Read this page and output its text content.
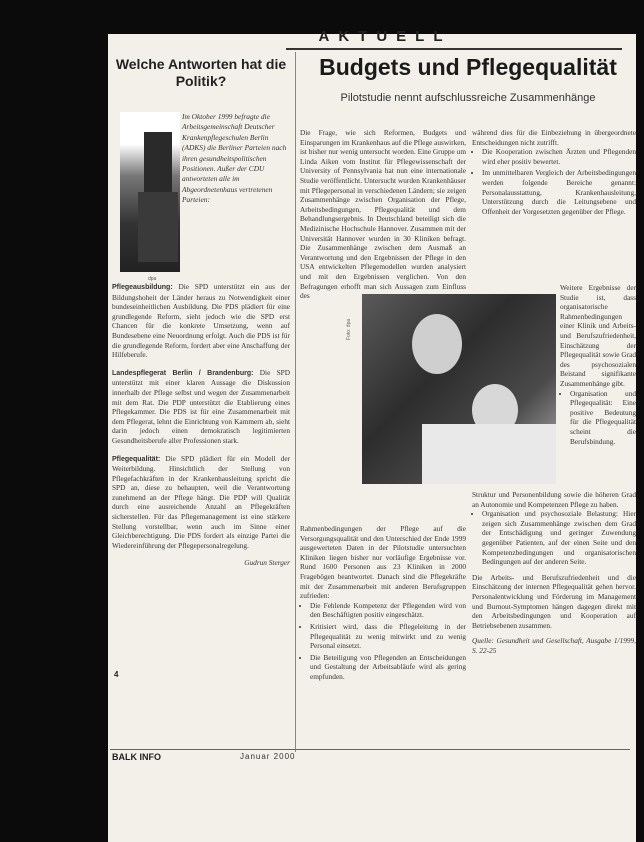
AKTUELL
Welche Antworten hat die Politik?
dpa
Im Oktober 1999 befragte die Arbeitsgemeinschaft Deutscher Krankenpflegeschulen Berlin (ADKS) die Berliner Parteien nach ihren gesundheitspolitischen Positionen. Außer der CDU antworteten alle im Abgeordnetenhaus vertretenen Parteien:

Pflegeausbildung: Die SPD unterstützt ein aus der Bildungshoheit der Länder heraus zu Notwendigkeit einer bundeseinheitlichen Ausbildung. Die PDS plädiert für eine grundlegende Reform, sieht jedoch wie die SPD erst Chancen für die konkrete Umsetzung, wenn auf Bundesebene eine Neuordnung erfolgt. Auch die PDS ist für die grundlegende Reform, fordert aber eine Anschaffung der Hilfeberufe.

Landespflegerat Berlin / Brandenburg: Die SPD unterstützt mit einer klaren Aussage die Diskussion innerhalb der Pflege selbst und wegen der Zusammenarbeit mit dem Rat. Die PDP unterstützt die Etablierung eines Pflegekammer. Die PDS ist für eine Zusammenarbeit mit dem Pflegerat, lehnt die Einrichtung von Kammern ab, sieht darin jedoch einen demokratisch legitimierten Gesundheitsberufe aller Professionen stark.

Pflegequalität: Die SPD plädiert für ein Modell der Weiterbildung. Hinsichtlich der Stellung von Pflegefachkräften in der Krankenhausleitung spricht die SPD an, diese zu behaupten, weil die Verantwortung zunehmend an der Pflege hängt. Die PDP will Qualität durch eine ausreichende Anzahl an Pflegekräften sicherstellen. Für das Pflegemanagement ist eine stärkere Stellung vorstellbar, wenn auch im Sinne einer Gleichberechtigung. Die PDS fordert als einzige Partei die Wiedereinführung der Pflegepersonalregelung.

Gudrun Sterger

Budgets und Pflegequalität
Pilotstudie nennt aufschlussreiche Zusammenhänge

Die Frage, wie sich Reformen, Budgets und Einsparungen im Krankenhaus auf die Pflege auswirken, ist bisher nur wenig untersucht worden. Eine Gruppe um Linda Aiken vom Institut für Pflegewissenschaft der University of Pennsylvania hat nun eine internationale Studie veröffentlicht. Untersucht wurden Krankenhäuser mit Pflegepersonal in verschiedenen Ländern; sie zeigen Zusammenhänge zwischen Organisation der Pflege, Arbeitsbedingungen, Pflegequalität und dem Behandlungsergebnis. In Deutschland beteiligt sich die Medizinische Hochschule Hannover. Zusammen mit der Universität Hannover wurden in 30 Kliniken befragt. Die Zusammenhänge zwischen dem Ausmaß an Verantwortung und den Ergebnissen der Pflege in den USA entwickelten Pflegemodellen wurden analysiert und mit den Ergebnissen verglichen. Von den Befragungen erhofft man sich Aussagen zum Einfluss des

Foto: dpa

Rahmenbedingungen der Pflege auf die Versorgungsqualität und den Unterschied der Ende 1999 ausgewerteten Daten in der Pilotstudie untersuchten Kliniken liegen bisher nur vorläufige Ergebnisse vor. Rund 1600 Personen aus 23 Kliniken in 2000 Fragebögen beantwortet. Danach sind die Pflegekräfte mit der Zusammenarbeit mit anderen Berufsgruppen zufrieden:

• Die Fehlende Kompetenz der Pflegenden wird von den Beschäftigten positiv eingeschätzt.
• Kritisiert wird, dass die Pflegeleitung in der Pflegequalität zu wenig mitwirkt und zu wenig Personal einsetzt.
• Die Beteiligung von Pflegenden an Entscheidungen und Gestaltung der Arbeitsabläufe wird als gering empfunden.

während dies für die Einbeziehung in übergeordnete Entscheidungen nicht zutrifft.

• Die Kooperation zwischen Ärzten und Pflegenden wird eher positiv bewertet.
• Im unmittelbaren Vergleich der Arbeitsbedingungen werden folgende Bereiche genannt: Personalausstattung, Krankenhausleitung, Unterstützung durch die Leitungsebene und Offenheit der Vorgesetzten gegenüber der Pflege.

Weitere Ergebnisse der Studie ist, dass organisatorische Rahmenbedingungen einer Klinik und Arbeits- und Berufszufriedenheit, Einschätzung der Pflegequalität sowie Grad des psychosozialen Beistand signifikante Zusammenhänge gibt.

• Organisation und Pflegequalität: Eine positive Bedeutung für die Pflegequalität scheint die Berufsbindung.

Struktur und Personenbildung sowie die höheren Grad an Autonomie und Kompetenzen Pflege zu haben.

• Organisation und psychosoziale Belastung: Hier zeigen sich Zusammenhänge zwischen dem Grad der Entschädigung und geringer Zuwendung gegenüber Patienten, auf der einen Seite und den Kompetenzbedingungen und organisatorischen Bedingungen auf der anderen Seite.

Die Arbeits- und Berufszufriedenheit und die Einschätzung der internen Pflegequalität gehen hervor. Personalentwicklung und Förderung im Management und Burnout-Symptomen hängen dagegen direkt mit den Arbeitsbedingungen und Kooperation auf Betriebsebenen zusammen.

Quelle: Gesundheit und Gesellschaft, Ausgabe 1/1999, S. 22-25

4
BALK INFO	Januar 2000
